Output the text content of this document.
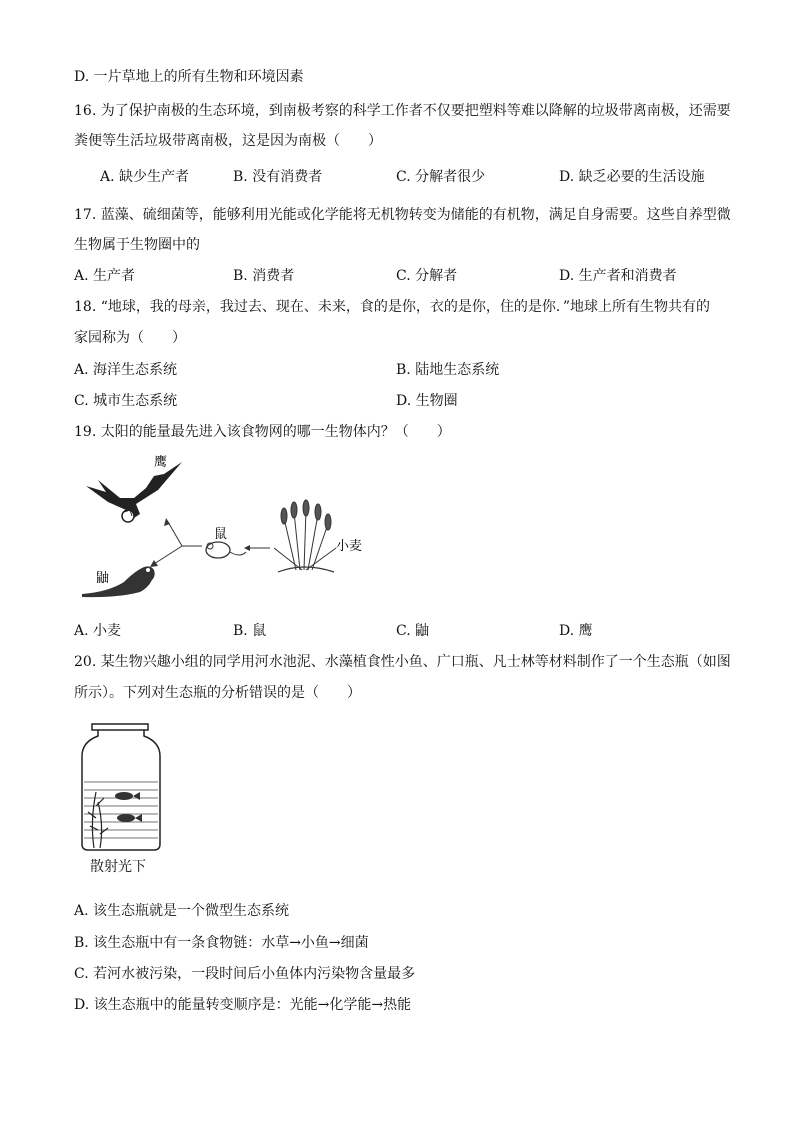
D. 一片草地上的所有生物和环境因素
16. 为了保护南极的生态环境，到南极考察的科学工作者不仅要把塑料等难以降解的垃圾带离南极，还需要
粪便等生活垃圾带离南极，这是因为南极（　　）
A. 缺少生产者	B. 没有消费者	C. 分解者很少	D. 缺乏必要的生活设施
17. 蓝藻、硫细菌等，能够利用光能或化学能将无机物转变为储能的有机物，满足自身需要。这些自养型微
生物属于生物圈中的
A. 生产者	B. 消费者	C. 分解者	D. 生产者和消费者
18. “地球，我的母亲，我过去、现在、未来，食的是你，衣的是你，住的是你．”地球上所有生物共有的
家园称为（　　）
A. 海洋生态系统	B. 陆地生态系统
C. 城市生态系统	D. 生物圈
19. 太阳的能量最先进入该食物网的哪一生物体内？（　　）
鹰
鼬
鼠
小麦
A. 小麦	B. 鼠	C. 鼬	D. 鹰
20. 某生物兴趣小组的同学用河水池泥、水藻植食性小鱼、广口瓶、凡士林等材料制作了一个生态瓶（如图
所示）。下列对生态瓶的分析错误的是（　　）
散射光下
A. 该生态瓶就是一个微型生态系统
B. 该生态瓶中有一条食物链：水草→小鱼→细菌
C. 若河水被污染，一段时间后小鱼体内污染物含量最多
D. 该生态瓶中的能量转变顺序是：光能→化学能→热能
